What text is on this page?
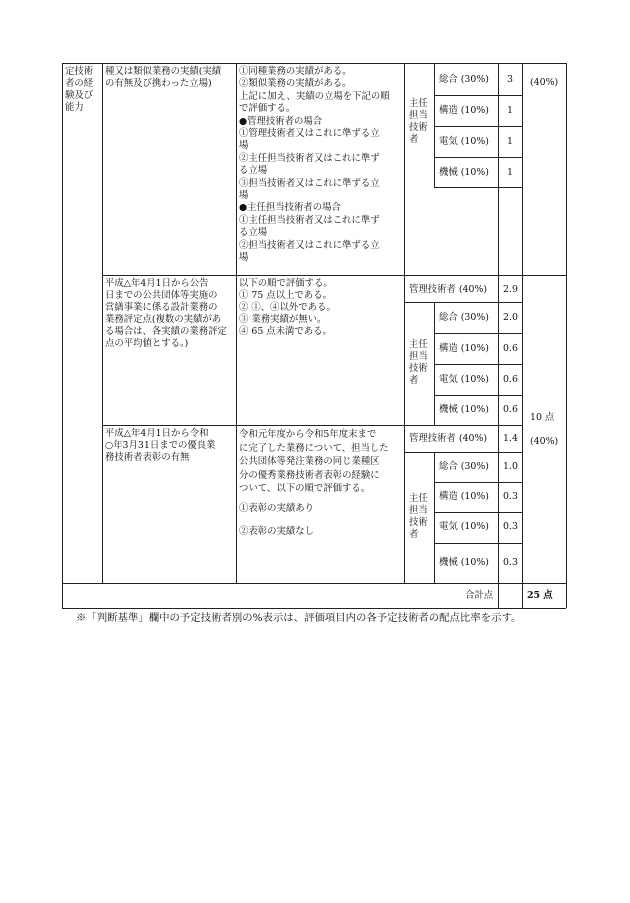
定技術
者の経
験及び
能力
種又は類似業務の実績(実績
の有無及び携わった立場)
①同種業務の実績がある。
②類似業務の実績がある。
上記に加え、実績の立場を下記の順
で評価する。
●管理技術者の場合
①管理技術者又はこれに準ずる立
場
②主任担当技術者又はこれに準ず
る立場
③担当技術者又はこれに準ずる立
場
●主任担当技術者の場合
①主任担当技術者又はこれに準ず
る立場
②担当技術者又はこれに準ずる立
場
主任
担当
技術
者
総合 (30%)
構造 (10%)
電気 (10%)
機械 (10%)
3
1
1
1
(40%)
平成△年4月1日から公告
日までの公共団体等実施の
営繕事業に係る設計業務の
業務評定点(複数の実績があ
る場合は、各実績の業務評定
点の平均値とする。)
以下の順で評価する。
① 75 点以上である。
② ①、④以外である。
③ 業務実績が無い。
④ 65 点未満である。
管理技術者 (40%) 2.9
主任
担当
技術
者
総合 (30%)
構造 (10%)
電気 (10%)
機械 (10%)
2.0
0.6
0.6
0.6
10 点
(40%)
平成△年4月1日から令和
○年3月31日までの優良業
務技術者表彰の有無
令和元年度から令和5年度末まで
に完了した業務について、担当した
公共団体等発注業務の同じ業種区
分の優秀業務技術者表彰の経験に
ついて、以下の順で評価する。
①表彰の実績あり
②表彰の実績なし
管理技術者 (40%) 1.4
主任
担当
技術
者
総合 (30%)
構造 (10%)
電気 (10%)
機械 (10%)
1.0
0.3
0.3
0.3
合計点	25 点
※「判断基準」欄中の予定技術者別の%表示は、評価項目内の各予定技術者の配点比率を示す。
